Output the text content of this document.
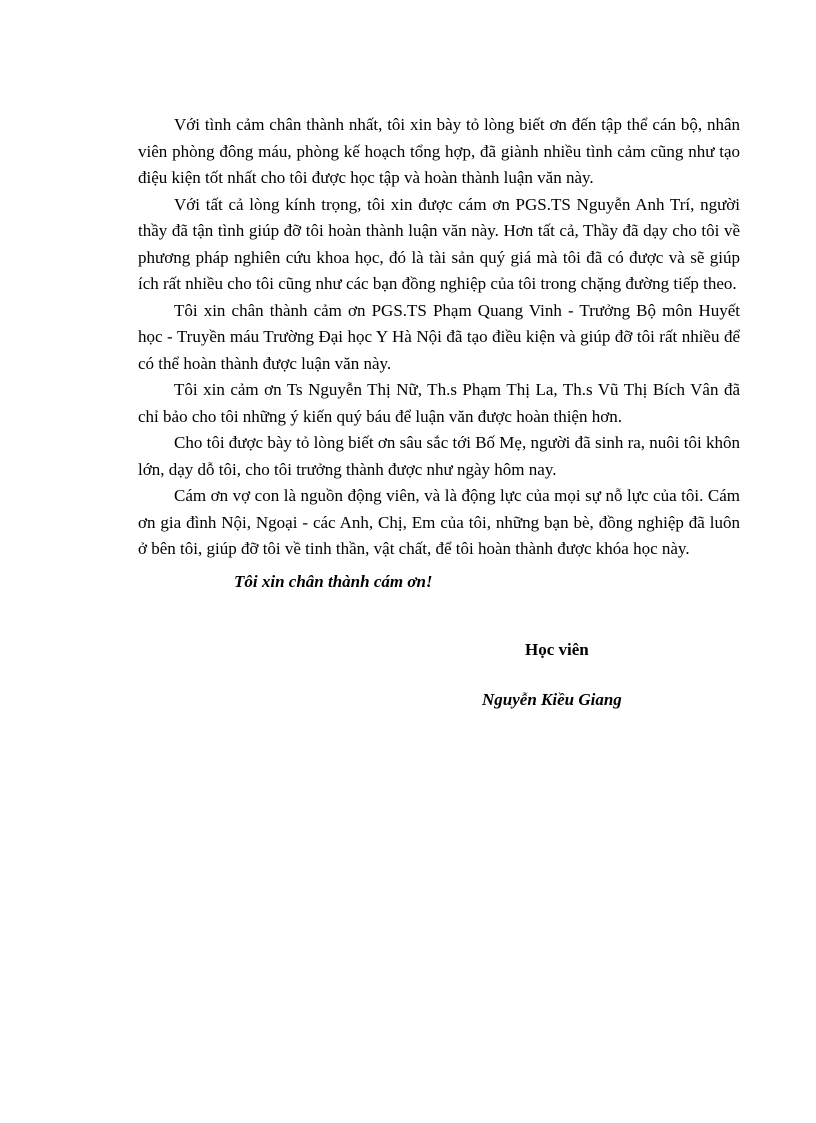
Với tình cảm chân thành nhất, tôi xin bày tỏ lòng biết ơn đến tập thể cán bộ, nhân viên phòng đông máu, phòng kế hoạch tổng hợp, đã giành nhiều tình cảm cũng như tạo điệu kiện tốt nhất cho tôi được học tập và hoàn thành luận văn này.

Với tất cả lòng kính trọng, tôi xin được cám ơn PGS.TS Nguyễn Anh Trí, người thầy đã tận tình giúp đỡ tôi hoàn thành luận văn này. Hơn tất cả, Thầy đã dạy cho tôi về phương pháp nghiên cứu khoa học, đó là tài sản quý giá mà tôi đã có được và sẽ giúp ích rất nhiều cho tôi cũng như các bạn đồng nghiệp của tôi trong chặng đường tiếp theo.

Tôi xin chân thành cảm ơn PGS.TS Phạm Quang Vinh - Trưởng Bộ môn Huyết học - Truyền máu Trường Đại học Y Hà Nội đã tạo điều kiện và giúp đỡ tôi rất nhiều để có thể hoàn thành được luận văn này.

Tôi xin cảm ơn Ts Nguyễn Thị Nữ, Th.s Phạm Thị La, Th.s Vũ Thị Bích Vân đã chỉ bảo cho tôi những ý kiến quý báu để luận văn được hoàn thiện hơn.

Cho tôi được bày tỏ lòng biết ơn sâu sắc tới Bố Mẹ, người đã sinh ra, nuôi tôi khôn lớn, dạy dỗ tôi, cho tôi trưởng thành được như ngày hôm nay.

Cám ơn vợ con là nguồn động viên, và là động lực của mọi sự nỗ lực của tôi. Cám ơn gia đình Nội, Ngoại - các Anh, Chị, Em của tôi, những bạn bè, đồng nghiệp đã luôn ở bên tôi, giúp đỡ tôi về tinh thần, vật chất, để tôi hoàn thành được khóa học này.

Tôi xin chân thành cám ơn!

Học viên

Nguyễn Kiều Giang
